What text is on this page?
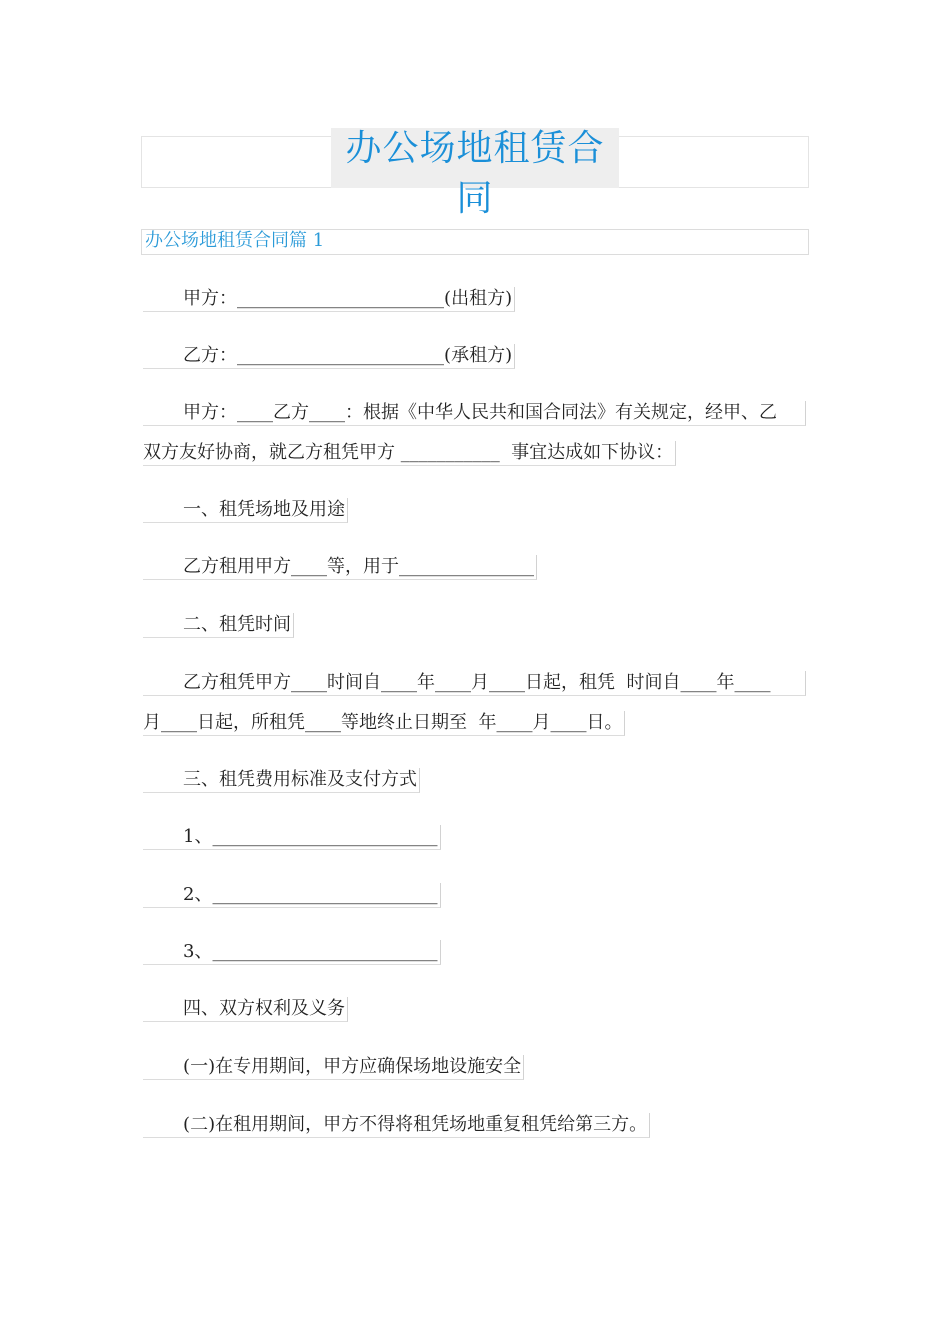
办公场地租赁合同
办公场地租赁合同篇 1
甲方：_______________________(出租方)
乙方：_______________________(承租方)
甲方：____乙方____：根据《中华人民共和国合同法》有关规定，经甲、乙
双方友好协商，就乙方租凭甲方 ___________  事宜达成如下协议：
一、租凭场地及用途
乙方租用甲方____等，用于_______________
二、租凭时间
乙方租凭甲方____时间自____年____月____日起，租凭  时间自____年____
月____日起，所租凭____等地终止日期至  年____月____日。
三、租凭费用标准及支付方式
1、_________________________
2、_________________________
3、_________________________
四、双方权利及义务
(一)在专用期间，甲方应确保场地设施安全
(二)在租用期间，甲方不得将租凭场地重复租凭给第三方。
